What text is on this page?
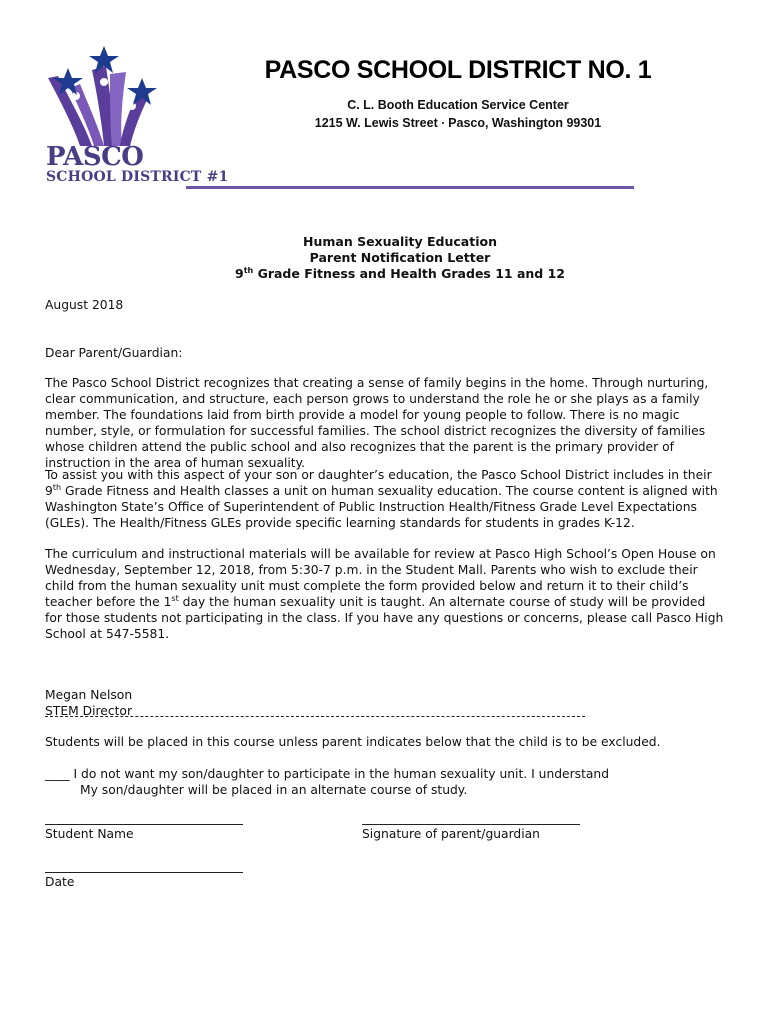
PASCO
SCHOOL DISTRICT #1
PASCO SCHOOL DISTRICT NO. 1
C. L. Booth Education Service Center
1215 W. Lewis Street ∙ Pasco, Washington 99301
Human Sexuality Education
Parent Notification Letter
9th Grade Fitness and Health Grades 11 and 12
August 2018
Dear Parent/Guardian:
The Pasco School District recognizes that creating a sense of family begins in the home. Through nurturing, clear communication, and structure, each person grows to understand the role he or she plays as a family member. The foundations laid from birth provide a model for young people to follow. There is no magic number, style, or formulation for successful families. The school district recognizes the diversity of families whose children attend the public school and also recognizes that the parent is the primary provider of instruction in the area of human sexuality.
To assist you with this aspect of your son or daughter’s education, the Pasco School District includes in their 9th Grade Fitness and Health classes a unit on human sexuality education. The course content is aligned with Washington State’s Office of Superintendent of Public Instruction Health/Fitness Grade Level Expectations (GLEs). The Health/Fitness GLEs provide specific learning standards for students in grades K-12.
The curriculum and instructional materials will be available for review at Pasco High School’s Open House on Wednesday, September 12, 2018, from 5:30-7 p.m. in the Student Mall. Parents who wish to exclude their child from the human sexuality unit must complete the form provided below and return it to their child’s teacher before the 1st day the human sexuality unit is taught. An alternate course of study will be provided for those students not participating in the class. If you have any questions or concerns, please call Pasco High School at 547-5581.
Megan Nelson
STEM Director
Students will be placed in this course unless parent indicates below that the child is to be excluded.
____ I do not want my son/daughter to participate in the human sexuality unit. I understand
My son/daughter will be placed in an alternate course of study.
Student Name	Signature of parent/guardian
Date
